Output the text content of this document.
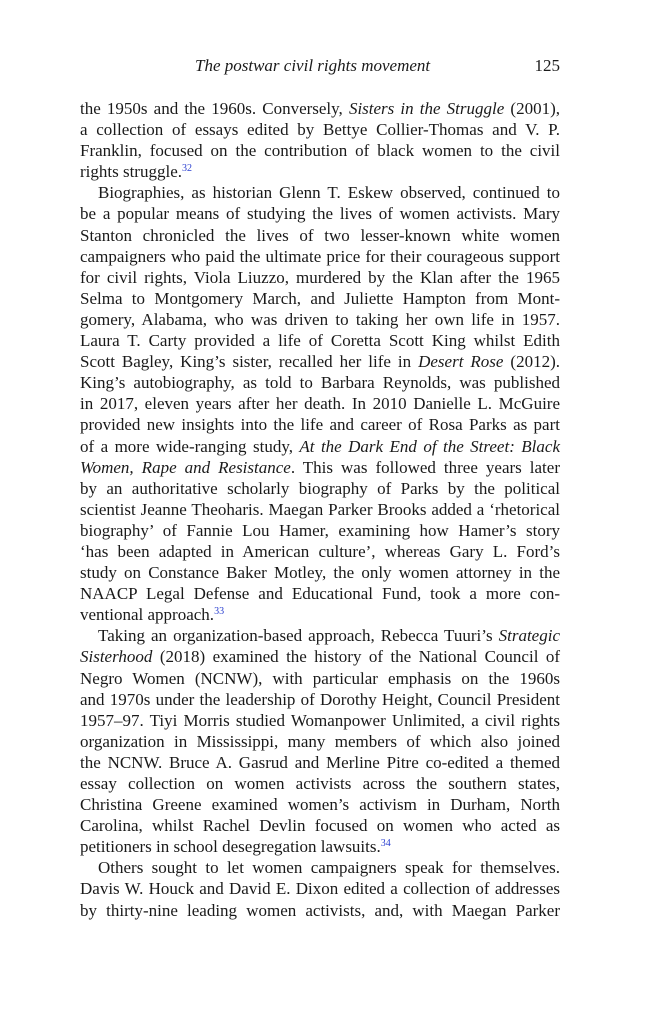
The postwar civil rights movement	125
the 1950s and the 1960s. Conversely, Sisters in the Struggle (2001),
a collection of essays edited by Bettye Collier-Thomas and V. P.
Franklin, focused on the contribution of black women to the civil
rights struggle.$^{32}$
Biographies, as historian Glenn T. Eskew observed, continued to
be a popular means of studying the lives of women activists. Mary
Stanton chronicled the lives of two lesser-known white women
campaigners who paid the ultimate price for their courageous support
for civil rights, Viola Liuzzo, murdered by the Klan after the 1965
Selma to Montgomery March, and Juliette Hampton from Mont-
gomery, Alabama, who was driven to taking her own life in 1957.
Laura T. Carty provided a life of Coretta Scott King whilst Edith
Scott Bagley, King’s sister, recalled her life in Desert Rose (2012).
King’s autobiography, as told to Barbara Reynolds, was published
in 2017, eleven years after her death. In 2010 Danielle L. McGuire
provided new insights into the life and career of Rosa Parks as part
of a more wide-ranging study, At the Dark End of the Street: Black
Women, Rape and Resistance. This was followed three years later
by an authoritative scholarly biography of Parks by the political
scientist Jeanne Theoharis. Maegan Parker Brooks added a ‘rhetorical
biography’ of Fannie Lou Hamer, examining how Hamer’s story
‘has been adapted in American culture’, whereas Gary L. Ford’s
study on Constance Baker Motley, the only women attorney in the
NAACP Legal Defense and Educational Fund, took a more con-
ventional approach.$^{33}$
Taking an organization-based approach, Rebecca Tuuri’s Strategic
Sisterhood (2018) examined the history of the National Council of
Negro Women (NCNW), with particular emphasis on the 1960s
and 1970s under the leadership of Dorothy Height, Council President
1957–97. Tiyi Morris studied Womanpower Unlimited, a civil rights
organization in Mississippi, many members of which also joined
the NCNW. Bruce A. Gasrud and Merline Pitre co-edited a themed
essay collection on women activists across the southern states,
Christina Greene examined women’s activism in Durham, North
Carolina, whilst Rachel Devlin focused on women who acted as
petitioners in school desegregation lawsuits.$^{34}$
Others sought to let women campaigners speak for themselves.
Davis W. Houck and David E. Dixon edited a collection of addresses
by thirty-nine leading women activists, and, with Maegan Parker
